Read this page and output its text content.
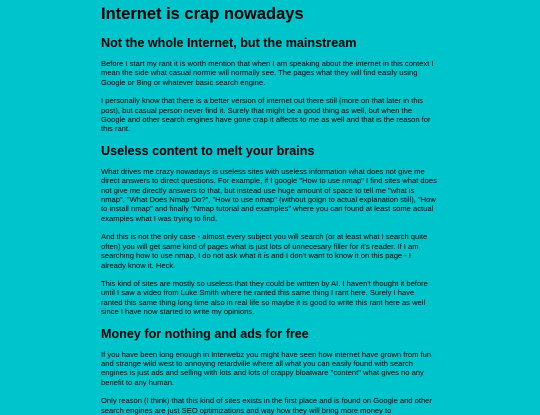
Internet is crap nowadays
Not the whole Internet, but the mainstream

Before I start my rant it is worth mention that when I am speaking about the internet in this context I mean the side what casual normie will normally see. The pages what they will find easily using Google or Bing or whatever basic search engine.

I personally know that there is a better version of internet out there still (more on that later in this post), but casual person never find it. Surely that might be a good thing as well, but when the Google and other search engines have gone crap it affects to me as well and that is the reason for this rant.

Useless content to melt your brains

What drives me crazy nowadays is useless sites with useless information what does not give me direct answers to direct questions. For example, if I google "How to use nmap" I find sites what does not give me directly answers to that, but instead use huge amount of space to tell me "what is nmap", "What Does Nmap Do?", "How to use nmap" (without goign to actual explanation still), "How to install nmap" and finally "Nmap tutorial and examples" where you can found at least some actual examples what I was trying to find.

And this is not the only case - almost every subject you will search (or at least what I search quite often) you will get same kind of pages what is just lots of unnecesary filler for it's reader. If I am searching how to use nmap, I do not ask what it is and I don't want to know it on this page - I already know it. Heck.

This kind of sites are mostly so useless that they could be written by AI. I haven't thought it before until I saw a video from Luke Smith where he ranted this same thing I rant here. Surely I have ranted this same thing long time also in real life so maybe it is good to write this rant here as well since I have now started to write my opinions.

Money for nothing and ads for free

If you have been long enough in Interwebz you might have seen how internet have grown from fun and strange wild west to annoying retardville where all what you can easily found with search engines is just ads and selling with lots and lots of crappy bloatware "content" what gives no any benefit to any human.

Only reason (I think) that this kind of sites exists in the first place and is found on Google and other search engines are just SEO optimizations and way how they will bring more money to
